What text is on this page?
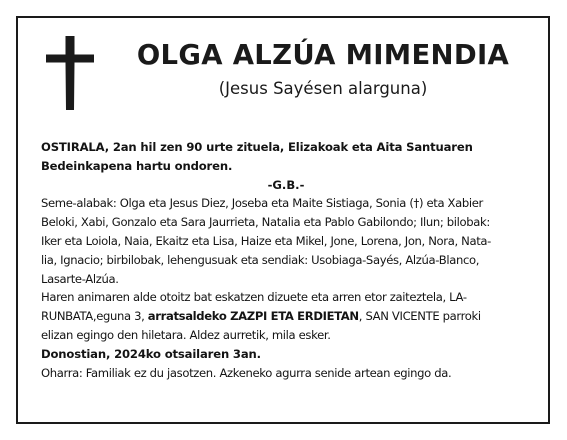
OLGA ALZÚA MIMENDIA
(Jesus Sayésen alarguna)

OSTIRALA, 2an hil zen 90 urte zituela, Elizakoak eta Aita Santuaren

Bedeinkapena hartu ondoren.

-G.B.-

Seme-alabak: Olga eta Jesus Diez, Joseba eta Maite Sistiaga, Sonia (†) eta Xabier

Beloki, Xabi, Gonzalo eta Sara Jaurrieta, Natalia eta Pablo Gabilondo; Ilun; bilobak:

Iker eta Loiola, Naia, Ekaitz eta Lisa, Haize eta Mikel, Jone, Lorena, Jon, Nora, Nata-

lia, Ignacio; birbilobak, lehengusuak eta sendiak: Usobiaga-Sayés, Alzúa-Blanco,

Lasarte-Alzúa.

Haren animaren alde otoitz bat eskatzen dizuete eta arren etor zaiteztela, LA-

RUNBATA,eguna 3, arratsaldeko ZAZPI ETA ERDIETAN, SAN VICENTE parroki

elizan egingo den hiletara. Aldez aurretik, mila esker.

Donostian, 2024ko otsailaren 3an.

Oharra: Familiak ez du jasotzen. Azkeneko agurra senide artean egingo da.
